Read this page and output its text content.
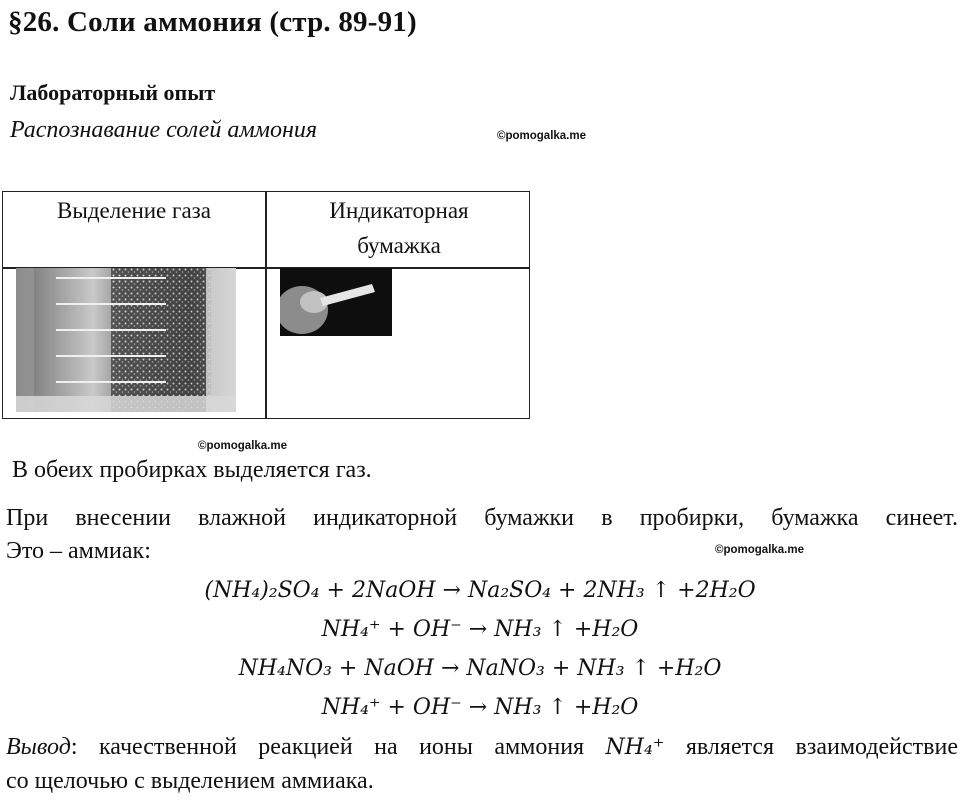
§26. Соли аммония (стр. 89-91)
Лабораторный опыт
Распознавание солей аммония	©pomogalka.me
Выделение газа	Индикаторная
бумажка
©pomogalka.me
В обеих пробирках выделяется газ.
При внесении влажной индикаторной бумажки в пробирки, бумажка синеет.
Это – аммиак:	©pomogalka.me
(NH₄)₂SO₄ + 2NaOH → Na₂SO₄ + 2NH₃ ↑ +2H₂O
NH₄⁺ + OH⁻ → NH₃ ↑ +H₂O
NH₄NO₃ + NaOH → NaNO₃ + NH₃ ↑ +H₂O
NH₄⁺ + OH⁻ → NH₃ ↑ +H₂O
Вывод: качественной реакцией на ионы аммония NH₄⁺ является взаимодействие
со щелочью с выделением аммиака.
